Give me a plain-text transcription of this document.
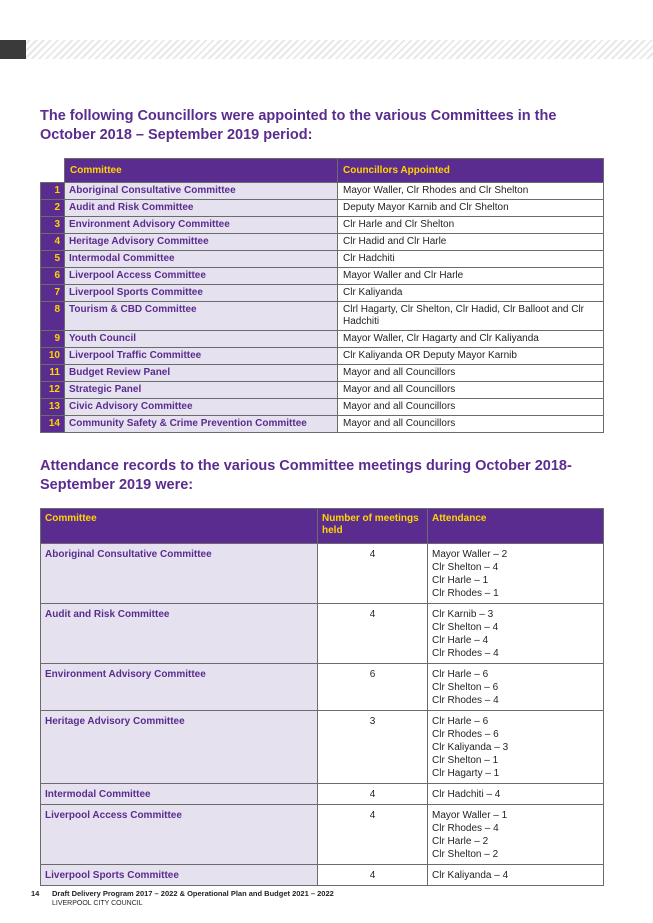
The following Councillors were appointed to the various Committees in the October 2018 – September 2019 period:
	Committee	Councillors Appointed
1	Aboriginal Consultative Committee	Mayor Waller, Clr Rhodes and Clr Shelton
2	Audit and Risk Committee	Deputy Mayor Karnib and Clr Shelton
3	Environment Advisory Committee	Clr Harle and Clr Shelton
4	Heritage Advisory Committee	Clr Hadid and Clr Harle
5	Intermodal Committee	Clr Hadchiti
6	Liverpool Access Committee	Mayor Waller and Clr Harle
7	Liverpool Sports Committee	Clr Kaliyanda
8	Tourism & CBD Committee	Clrl Hagarty, Clr Shelton, Clr Hadid, Clr Balloot and Clr Hadchiti
9	Youth Council	Mayor Waller, Clr Hagarty and Clr Kaliyanda
10	Liverpool Traffic Committee	Clr Kaliyanda OR Deputy Mayor Karnib
11	Budget Review Panel	Mayor and all Councillors
12	Strategic Panel	Mayor and all Councillors
13	Civic Advisory Committee	Mayor and all Councillors
14	Community Safety & Crime Prevention Committee	Mayor and all Councillors
Attendance records to the various Committee meetings during October 2018-September 2019 were:
Committee	Number of meetings held	Attendance
Aboriginal Consultative Committee	4	Mayor Waller – 2
Clr Shelton – 4
Clr Harle – 1
Clr Rhodes – 1

Audit and Risk Committee	4	Clr Karnib – 3
Clr Shelton – 4
Clr Harle – 4
Clr Rhodes – 4

Environment Advisory Committee	6	Clr Harle – 6
Clr Shelton – 6
Clr Rhodes – 4

Heritage Advisory Committee	3	Clr Harle – 6
Clr Rhodes – 6
Clr Kaliyanda – 3
Clr Shelton – 1
Clr Hagarty – 1

Intermodal Committee	4	Clr Hadchiti – 4

Liverpool Access Committee	4	Mayor Waller – 1
Clr Rhodes – 4
Clr Harle – 2
Clr Shelton – 2

Liverpool Sports Committee	4	Clr Kaliyanda – 4
14 Draft Delivery Program 2017 – 2022 & Operational Plan and Budget 2021 – 2022
LIVERPOOL CITY COUNCIL
